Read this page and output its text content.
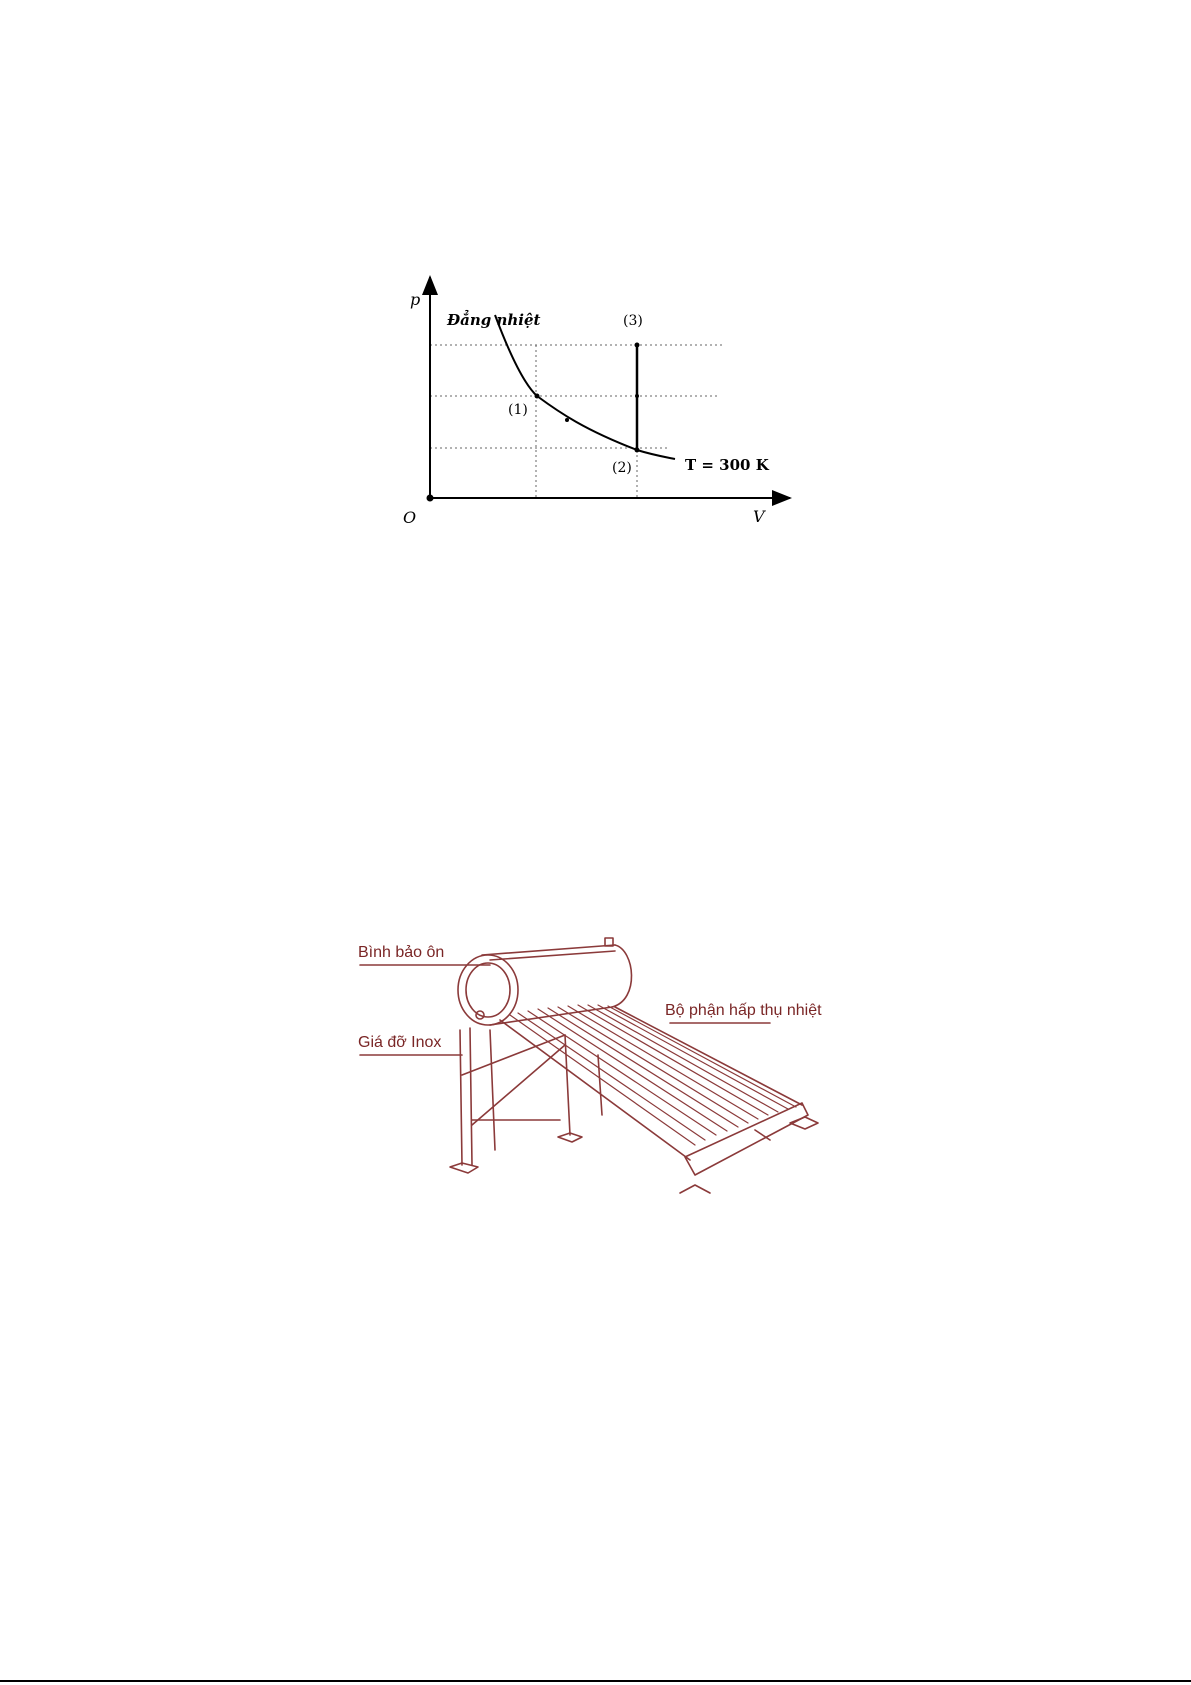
p
V
O
Đẳng nhiệt
T = 300 K
(1)
(2)
(3)
Bình bảo ôn
Giá đỡ Inox
Bộ phận hấp thụ nhiệt
